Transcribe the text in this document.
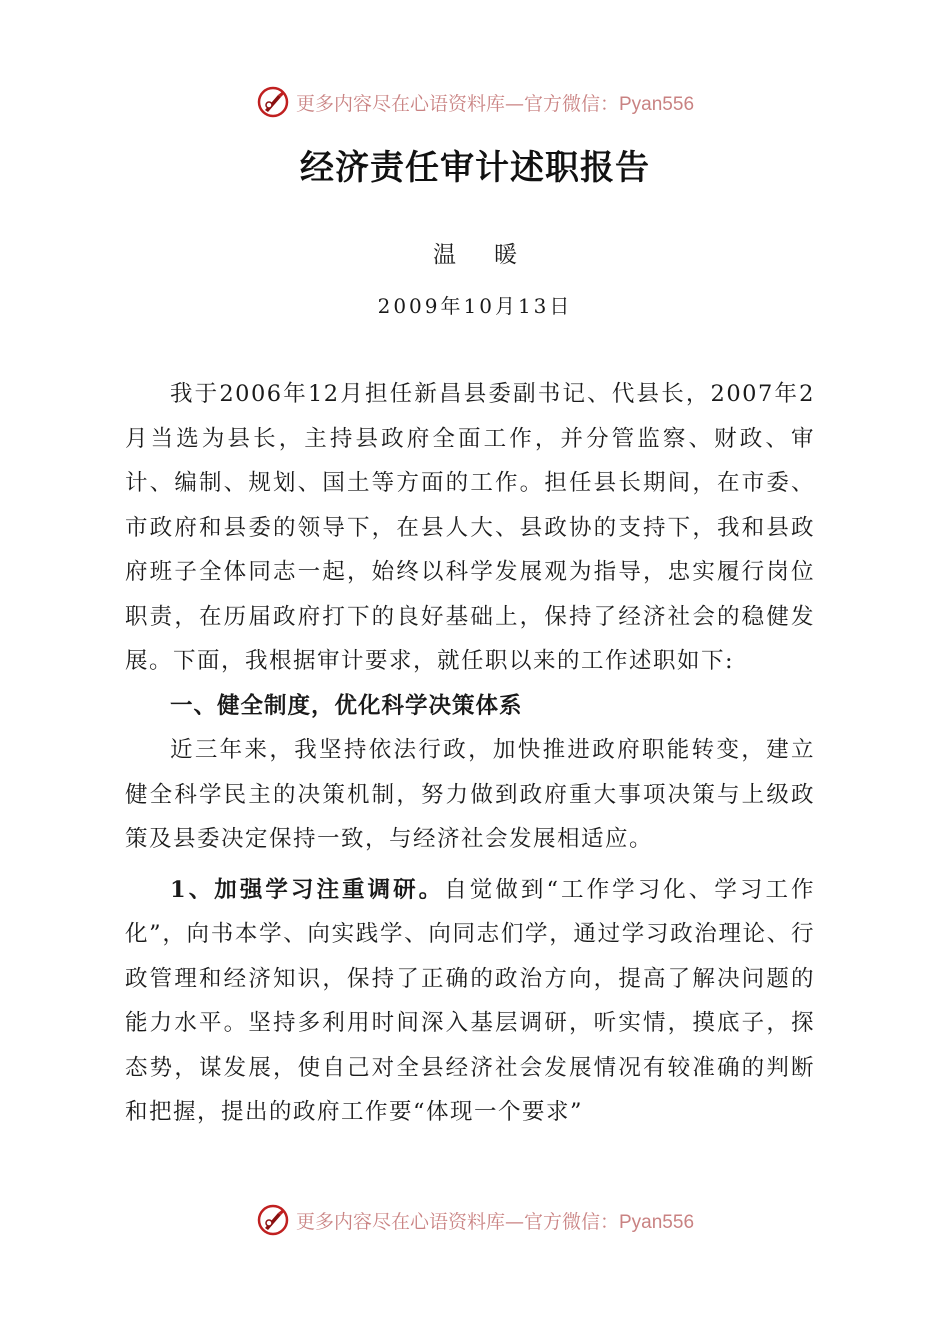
更多内容尽在心语资料库—官方微信：Pyan556
经济责任审计述职报告
温暖
2009年10月13日

我于2006年12月担任新昌县委副书记、代县长，2007年2月当选为县长，主持县政府全面工作，并分管监察、财政、审计、编制、规划、国土等方面的工作。担任县长期间，在市委、市政府和县委的领导下，在县人大、县政协的支持下，我和县政府班子全体同志一起，始终以科学发展观为指导，忠实履行岗位职责，在历届政府打下的良好基础上，保持了经济社会的稳健发展。下面，我根据审计要求，就任职以来的工作述职如下:

一、健全制度，优化科学决策体系

近三年来，我坚持依法行政，加快推进政府职能转变，建立健全科学民主的决策机制，努力做到政府重大事项决策与上级政策及县委决定保持一致，与经济社会发展相适应。

1、加强学习注重调研。自觉做到“工作学习化、学习工作化”，向书本学、向实践学、向同志们学，通过学习政治理论、行政管理和经济知识，保持了正确的政治方向，提高了解决问题的能力水平。坚持多利用时间深入基层调研，听实情，摸底子，探态势，谋发展，使自己对全县经济社会发展情况有较准确的判断和把握，提出的政府工作要“体现一个要求”

更多内容尽在心语资料库—官方微信：Pyan556
